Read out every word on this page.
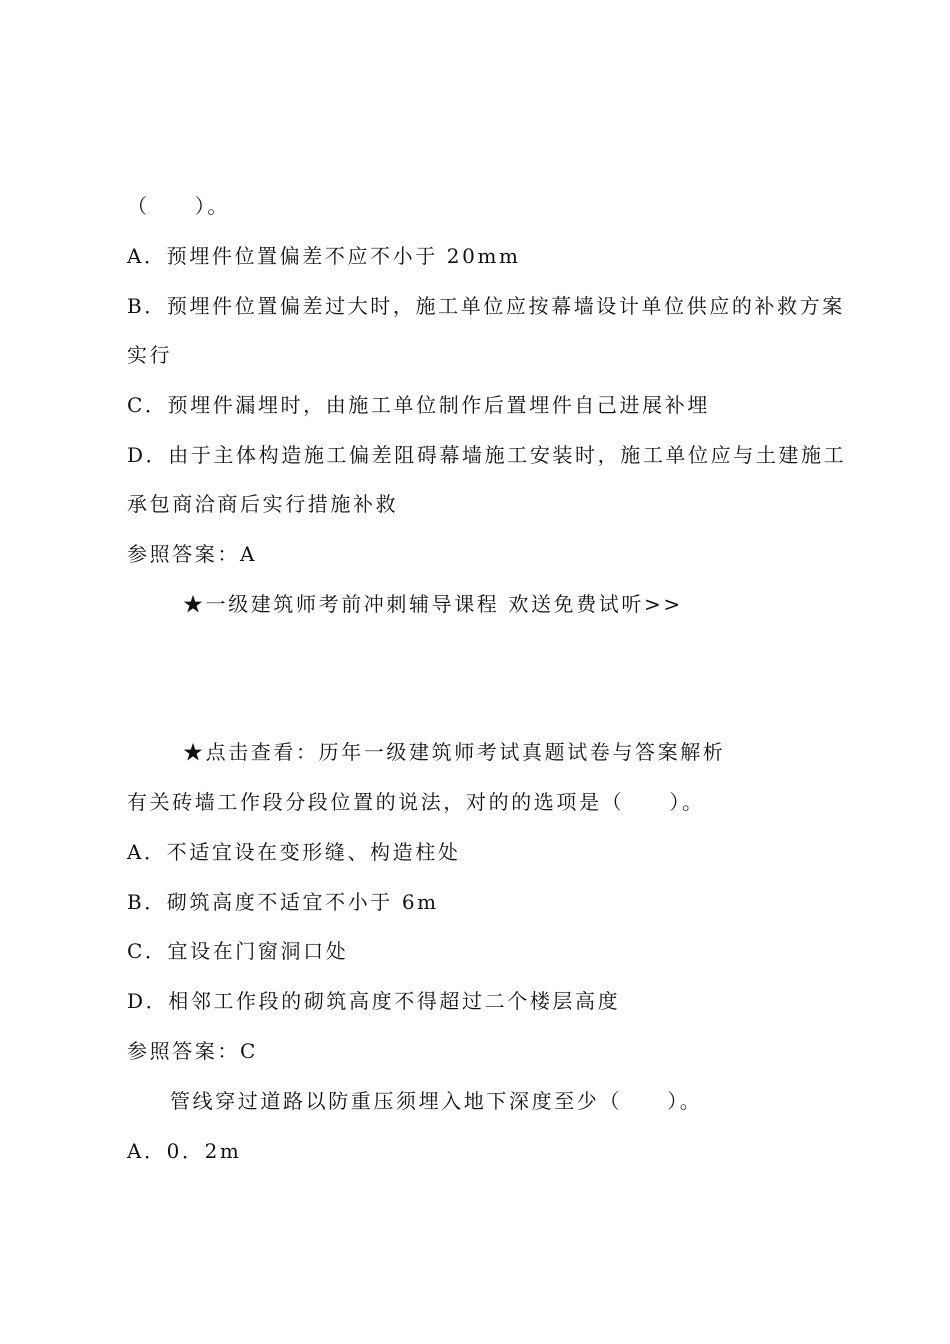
（　　）。
A．预埋件位置偏差不应不小于 20mm
B．预埋件位置偏差过大时，施工单位应按幕墙设计单位供应的补救方案
实行
C．预埋件漏埋时，由施工单位制作后置埋件自己进展补埋
D．由于主体构造施工偏差阻碍幕墙施工安装时，施工单位应与土建施工
承包商洽商后实行措施补救
参照答案：A
★一级建筑师考前冲刺辅导课程 欢送免费试听>>
★点击查看：历年一级建筑师考试真题试卷与答案解析
有关砖墙工作段分段位置的说法，对的的选项是（　　）。
A．不适宜设在变形缝、构造柱处
B．砌筑高度不适宜不小于 6m
C．宜设在门窗洞口处
D．相邻工作段的砌筑高度不得超过二个楼层高度
参照答案：C
管线穿过道路以防重压须埋入地下深度至少（　　）。
A．0．2m
